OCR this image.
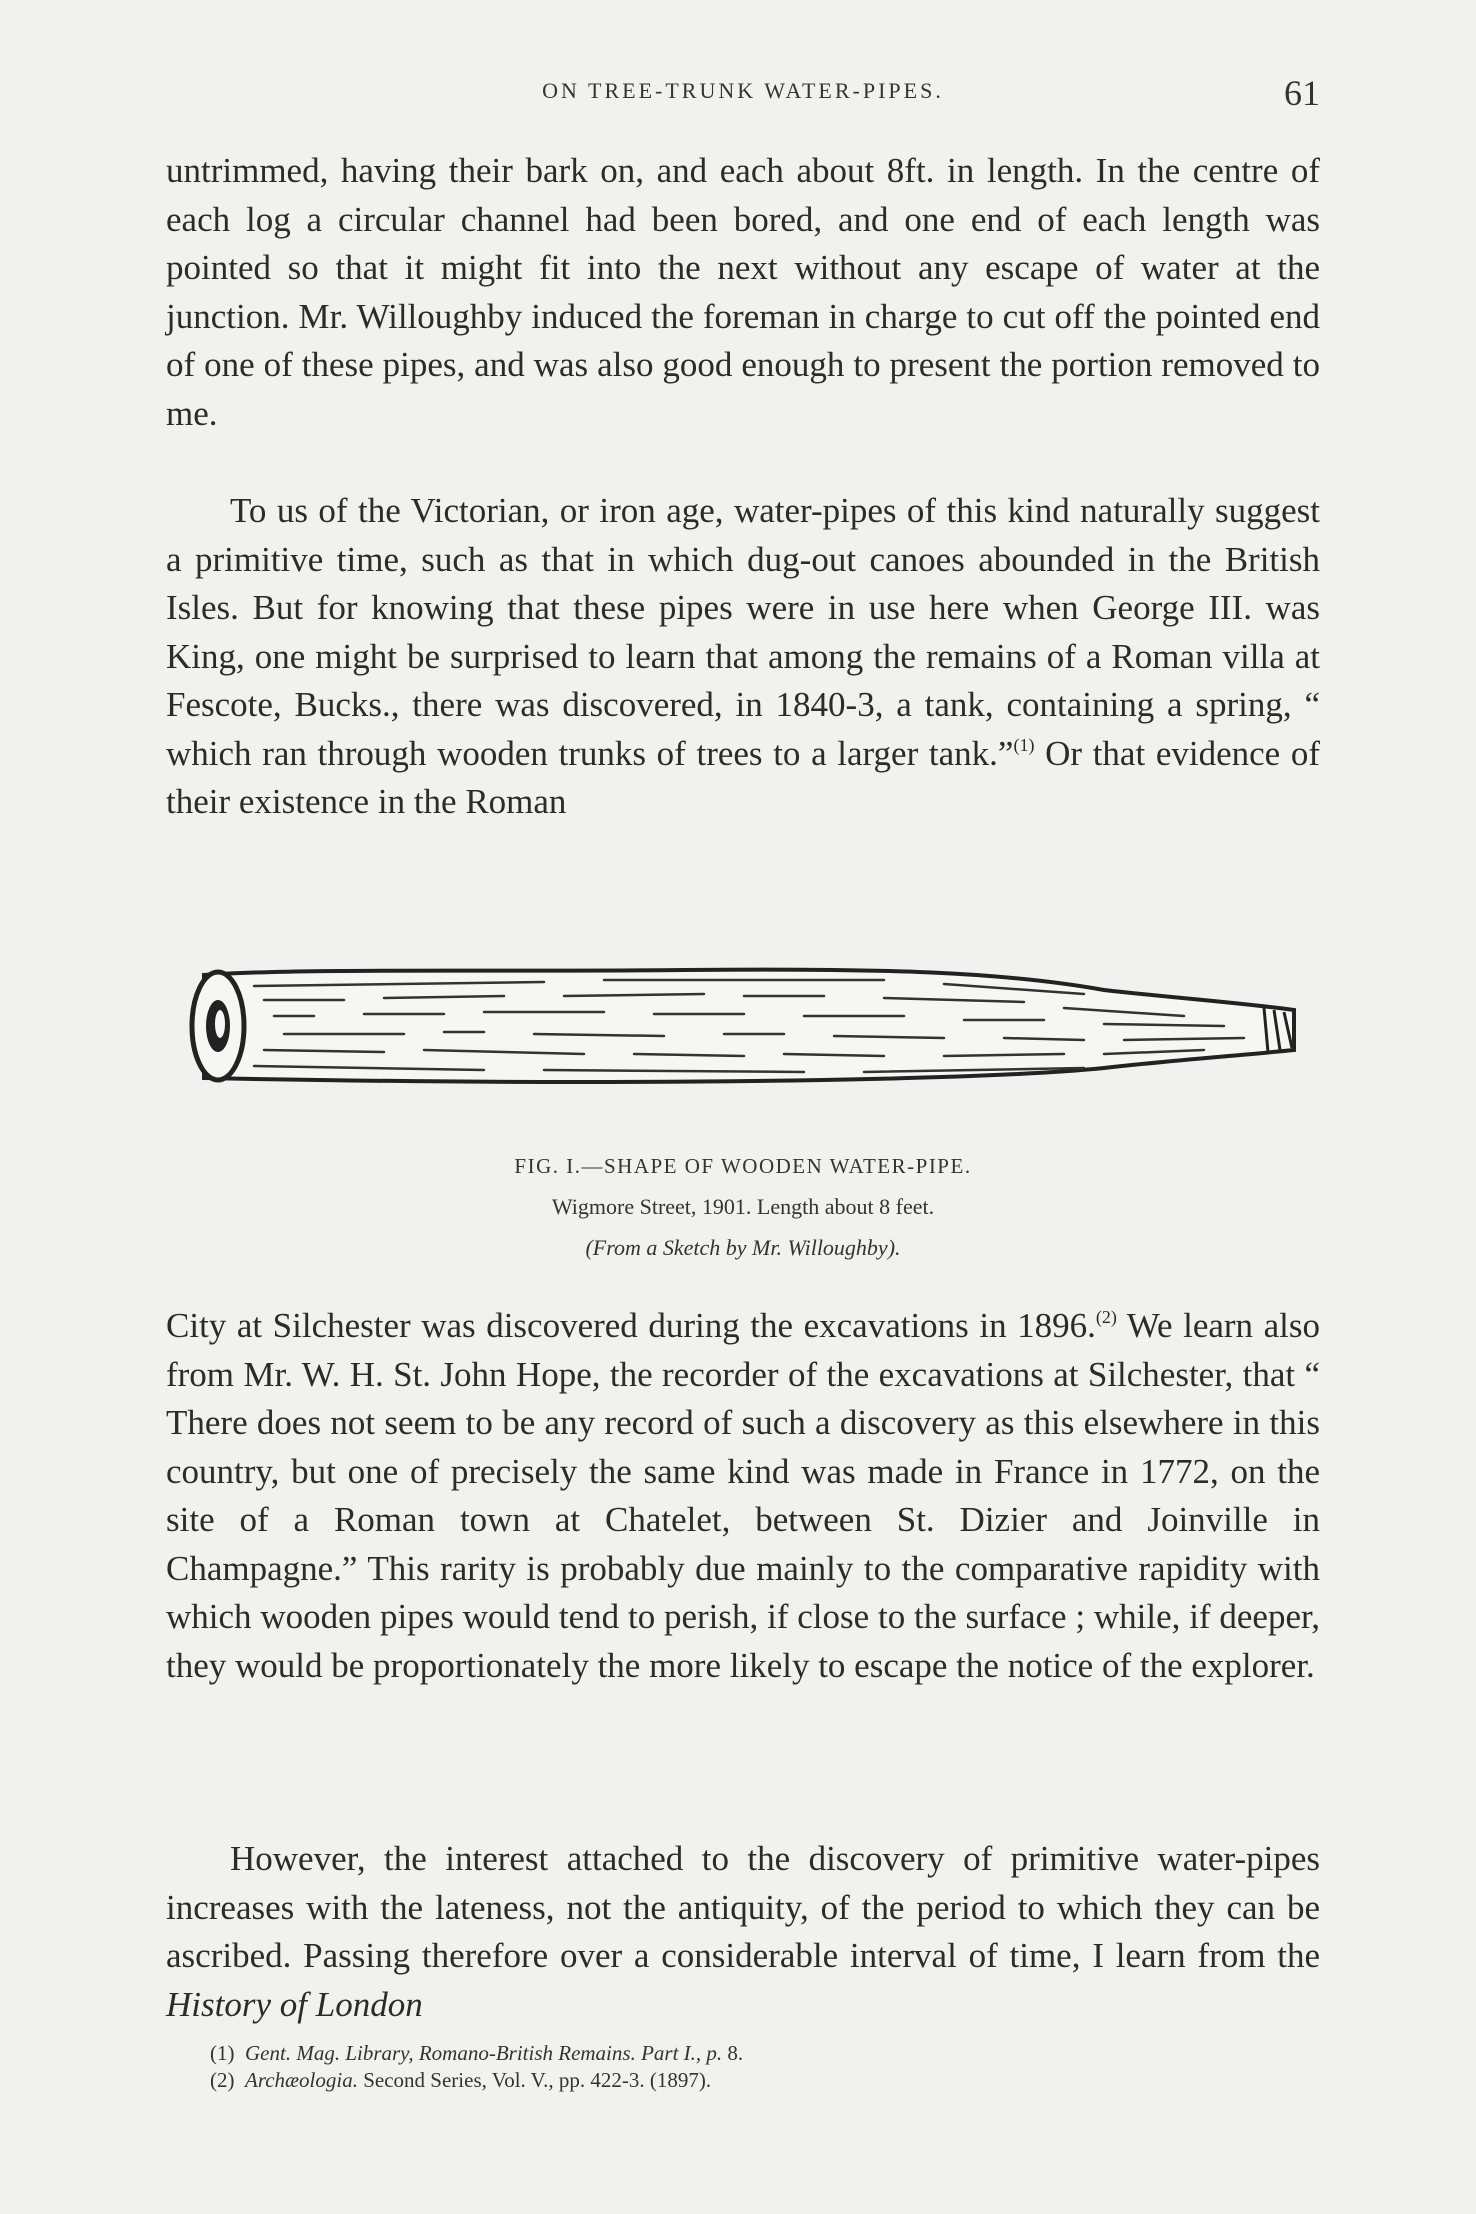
ON TREE-TRUNK WATER-PIPES.	61

untrimmed, having their bark on, and each about 8ft. in length. In the centre of each log a circular channel had been bored, and one end of each length was pointed so that it might fit into the next without any escape of water at the junction. Mr. Willoughby induced the foreman in charge to cut off the pointed end of one of these pipes, and was also good enough to present the portion removed to me.

To us of the Victorian, or iron age, water-pipes of this kind naturally suggest a primitive time, such as that in which dug-out canoes abounded in the British Isles. But for knowing that these pipes were in use here when George III. was King, one might be surprised to learn that among the remains of a Roman villa at Fescote, Bucks., there was discovered, in 1840-3, a tank, containing a spring, “ which ran through wooden trunks of trees to a larger tank.”$^{(1)}$ Or that evidence of their existence in the Roman

FIG. I.—SHAPE OF WOODEN WATER-PIPE.
Wigmore Street, 1901. Length about 8 feet.
(From a Sketch by Mr. Willoughby).

City at Silchester was discovered during the excavations in 1896.$^{(2)}$ We learn also from Mr. W. H. St. John Hope, the recorder of the excavations at Silchester, that “ There does not seem to be any record of such a discovery as this elsewhere in this country, but one of precisely the same kind was made in France in 1772, on the site of a Roman town at Chatelet, between St. Dizier and Joinville in Champagne.” This rarity is probably due mainly to the comparative rapidity with which wooden pipes would tend to perish, if close to the surface ; while, if deeper, they would be proportionately the more likely to escape the notice of the explorer.

However, the interest attached to the discovery of primitive water-pipes increases with the lateness, not the antiquity, of the period to which they can be ascribed. Passing therefore over a considerable interval of time, I learn from the History of London

(1) Gent. Mag. Library, Romano-British Remains. Part I., p. 8.
(2) Archæologia. Second Series, Vol. V., pp. 422-3. (1897).
